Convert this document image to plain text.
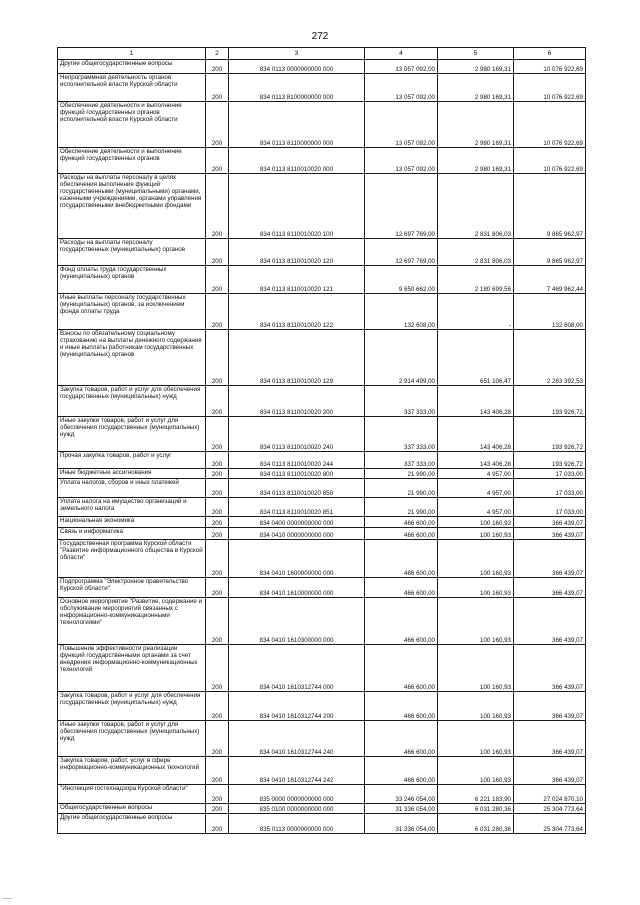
272
1	2	3	4	5	6
Другие общегосударственные вопросы	200	834 0113 0000000000 000	13 057 092,00	2 980 169,31	10 076 922,69
Непрограммная деятельность органов исполнительной власти Курской области	200	834 0113 8100000000 000	13 057 092,00	2 980 169,31	10 076 922,69
Обеспечение деятельности и выполнение функций государственных органов исполнительной власти Курской области	200	834 0113 8110000000 000	13 057 092,00	2 980 169,31	10 076 922,69
Обеспечение деятельности и выполнение функций государственных органов	200	834 0113 8110010020 000	13 057 092,00	2 980 169,31	10 076 922,69
Расходы на выплаты персоналу в целях обеспечения выполнения функций государственными (муниципальными) органами, казенными учреждениями, органами управления государственными внебюджетными фондами	200	834 0113 8110010020 100	12 697 769,00	2 831 806,03	9 865 962,97
Расходы на выплаты персоналу государственных (муниципальных) органов	200	834 0113 8110010020 120	12 697 769,00	2 831 806,03	9 865 962,97
Фонд оплаты труда государственных (муниципальных) органов	200	834 0113 8110010020 121	9 650 662,00	2 180 699,56	7 469 962,44
Иные выплаты персоналу государственных (муниципальных) органов, за исключением фонда оплаты труда	200	834 0113 8110010020 122	132 608,00	-	132 608,00
Взносы по обязательному социальному страхованию на выплаты денежного содержания и иные выплаты работникам государственных (муниципальных) органов	200	834 0113 8110010020 129	2 914 499,00	651 106,47	2 263 392,53
Закупка товаров, работ и услуг для обеспечения государственных (муниципальных) нужд	200	834 0113 8110010020 200	337 333,00	143 406,28	193 926,72
Иные закупки товаров, работ и услуг для обеспечения государственных (муниципальных) нужд	200	834 0113 8110010020 240	337 333,00	143 406,28	193 926,72
Прочая закупка товаров, работ и услуг	200	834 0113 8110010020 244	337 333,00	143 406,28	193 926,72
Иные бюджетные ассигнования	200	834 0113 8110010020 800	21 990,00	4 957,00	17 033,00
Уплата налогов, сборов и иных платежей	200	834 0113 8110010020 850	21 990,00	4 957,00	17 033,00
Уплата налога на имущество организаций и земельного налога	200	834 0113 8110010020 851	21 990,00	4 957,00	17 033,00
Национальная экономика	200	834 0400 0000000000 000	466 600,00	100 160,93	366 439,07
Связь и информатика	200	834 0410 0000000000 000	466 600,00	100 160,93	366 439,07
Государственная программа Курской области "Развитие информационного общества в Курской области"	200	834 0410 1600000000 000	466 600,00	100 160,93	366 439,07
Подпрограмма "Электронное правительство Курской области"	200	834 0410 1610000000 000	466 600,00	100 160,93	366 439,07
Основное мероприятие "Развитие, содержание и обслуживание мероприятий связанных с информационно-коммуникационными технологиями"	200	834 0410 1610300000 000	466 600,00	100 160,93	366 439,07
Повышение эффективности реализации функций государственными органами за счет внедрения информационно-коммуникационных технологий	200	834 0410 1610312744 000	466 600,00	100 160,93	366 439,07
Закупка товаров, работ и услуг для обеспечения государственных (муниципальных) нужд	200	834 0410 1610312744 200	466 600,00	100 160,93	366 439,07
Иные закупки товаров, работ и услуг для обеспечения государственных (муниципальных) нужд	200	834 0410 1610312744 240	466 600,00	100 160,93	366 439,07
Закупка товаров, работ, услуг в сфере информационно-коммуникационных технологий	200	834 0410 1610312744 242	466 600,00	100 160,93	366 439,07
"Инспекция гостехнадзора Курской области"	200	835 0000 0000000000 000	33 246 054,00	6 221 183,90	27 024 870,10
Общегосударственные вопросы	200	835 0100 0000000000 000	31 336 054,00	6 031 280,36	25 304 773,64
Другие общегосударственные вопросы	200	835 0113 0000000000 000	31 336 054,00	6 031 280,36	25 304 773,64
